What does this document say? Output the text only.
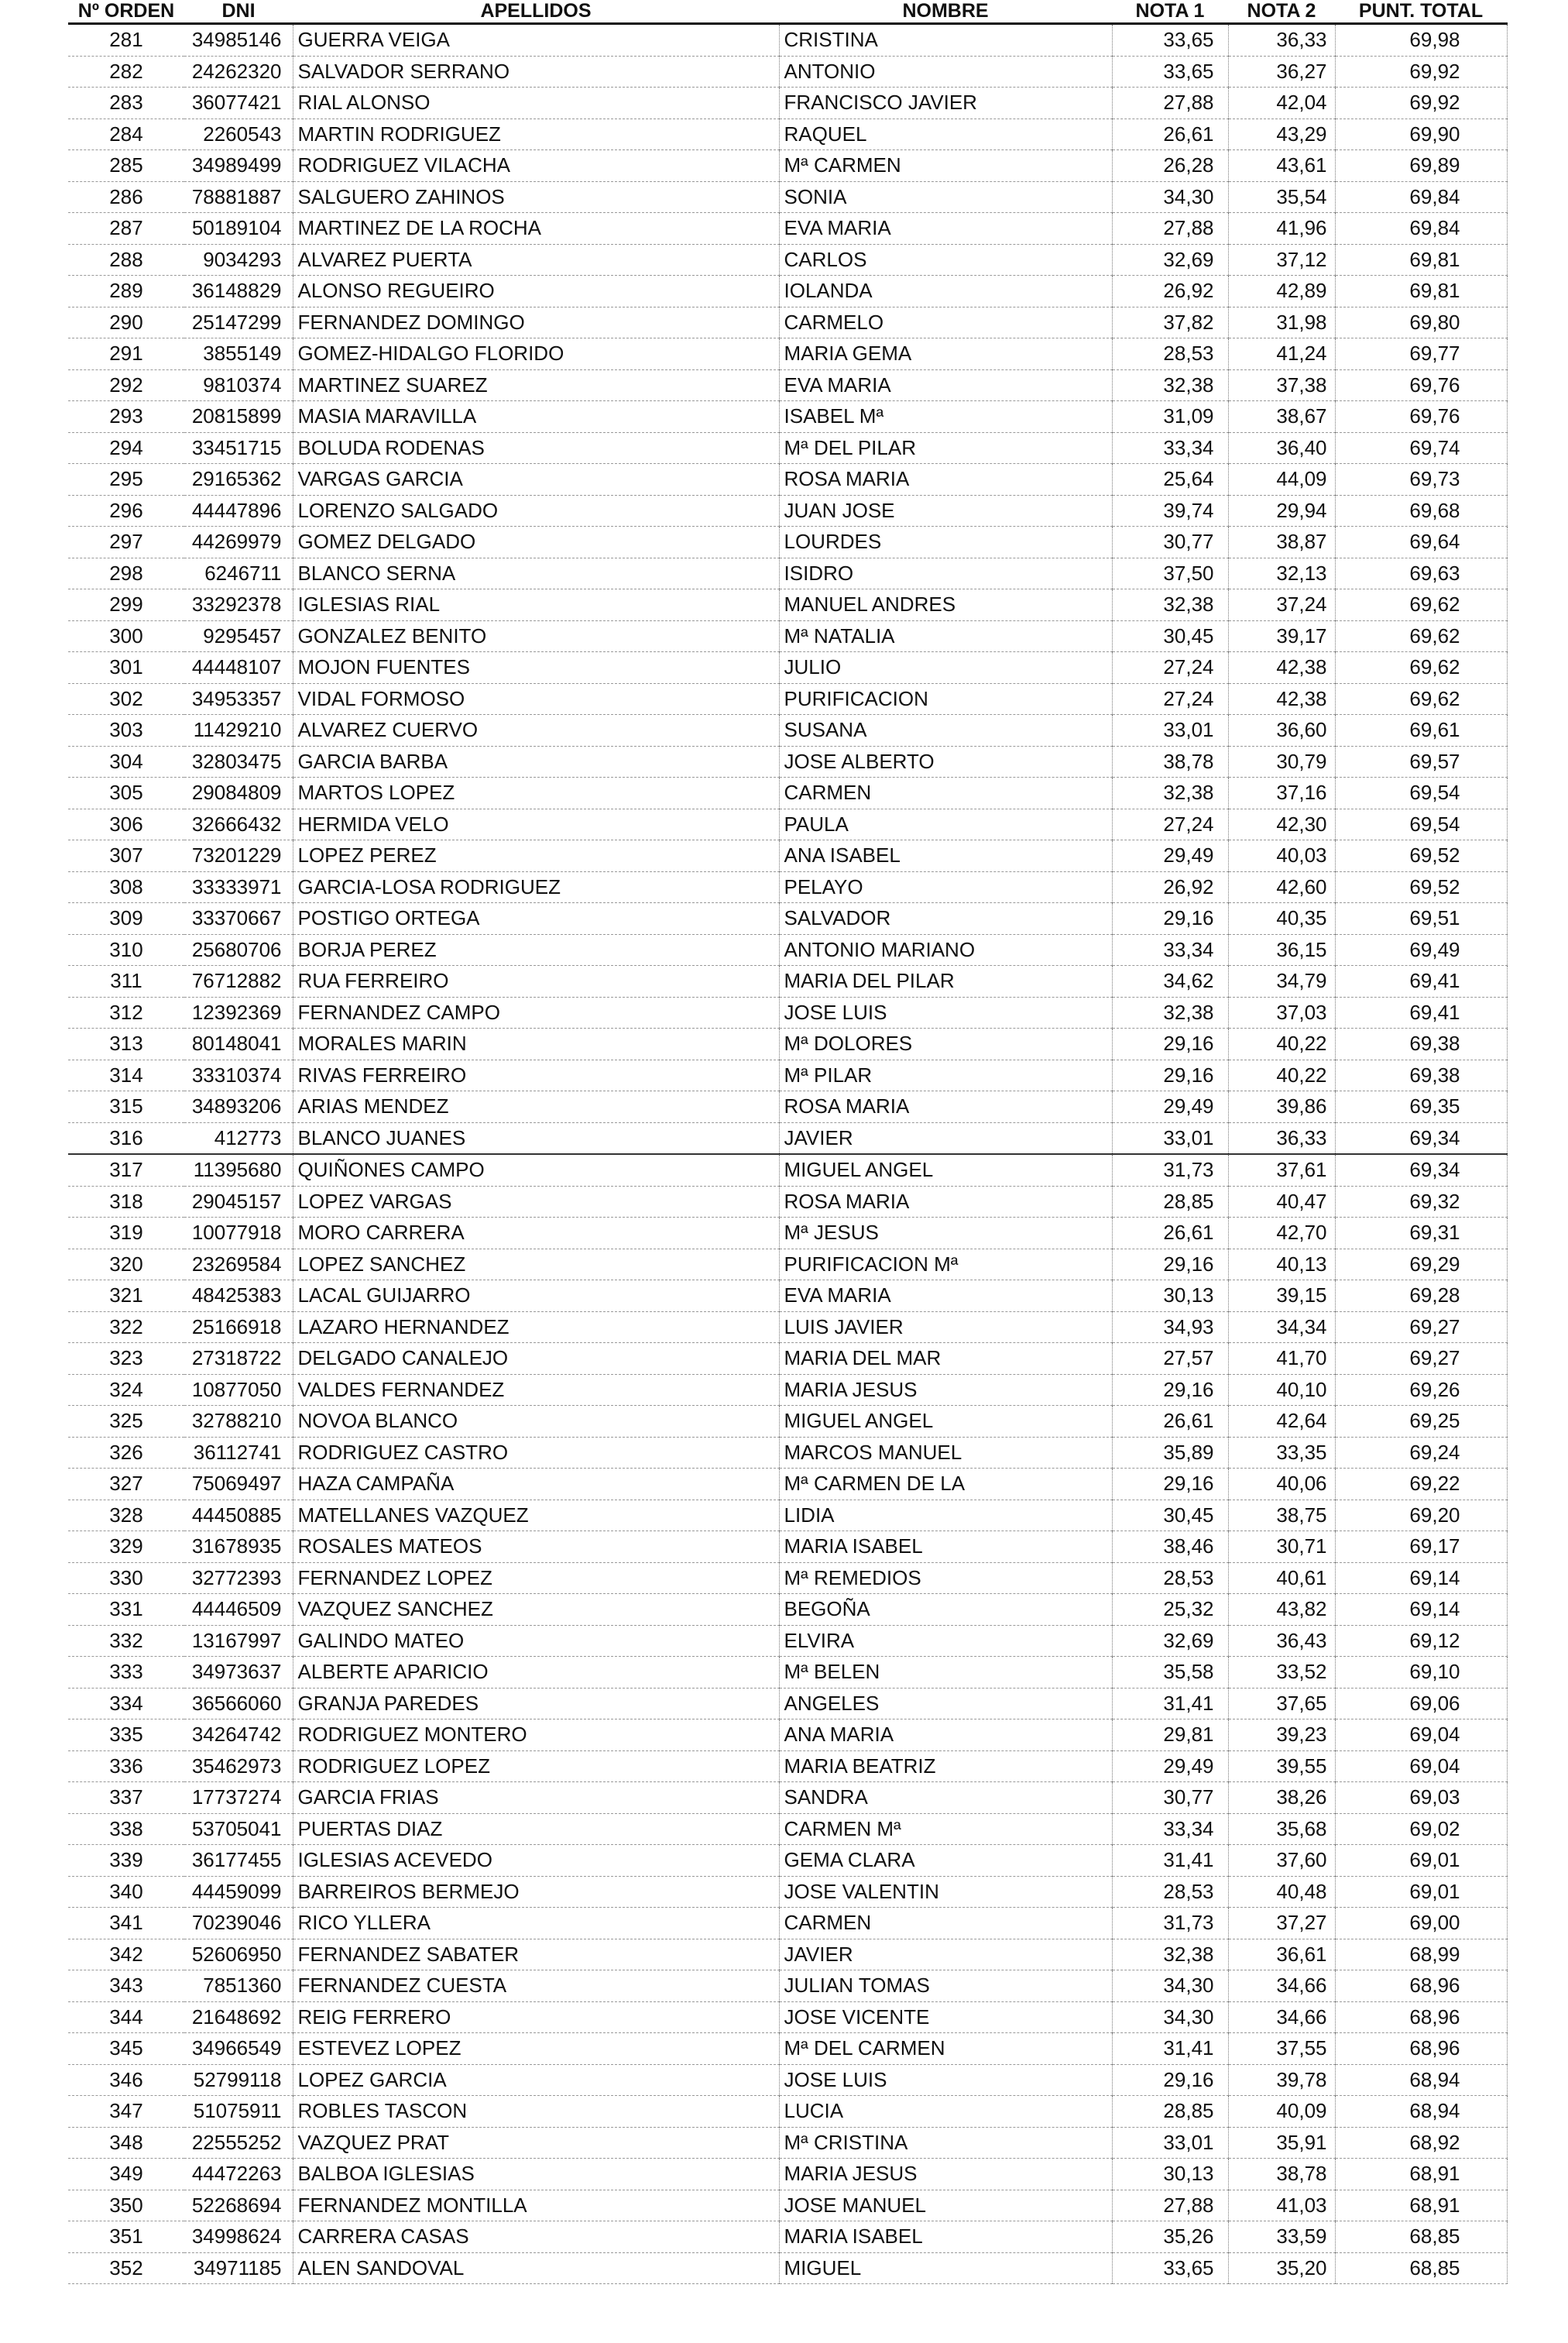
Nº ORDEN	DNI	APELLIDOS	NOMBRE	NOTA 1	NOTA 2	PUNT. TOTAL
281	34985146	GUERRA VEIGA	CRISTINA	33,65	36,33	69,98
282	24262320	SALVADOR SERRANO	ANTONIO	33,65	36,27	69,92
283	36077421	RIAL ALONSO	FRANCISCO JAVIER	27,88	42,04	69,92
284	2260543	MARTIN RODRIGUEZ	RAQUEL	26,61	43,29	69,90
285	34989499	RODRIGUEZ VILACHA	Mª CARMEN	26,28	43,61	69,89
286	78881887	SALGUERO ZAHINOS	SONIA	34,30	35,54	69,84
287	50189104	MARTINEZ DE LA ROCHA	EVA MARIA	27,88	41,96	69,84
288	9034293	ALVAREZ PUERTA	CARLOS	32,69	37,12	69,81
289	36148829	ALONSO REGUEIRO	IOLANDA	26,92	42,89	69,81
290	25147299	FERNANDEZ DOMINGO	CARMELO	37,82	31,98	69,80
291	3855149	GOMEZ-HIDALGO FLORIDO	MARIA GEMA	28,53	41,24	69,77
292	9810374	MARTINEZ SUAREZ	EVA MARIA	32,38	37,38	69,76
293	20815899	MASIA MARAVILLA	ISABEL Mª	31,09	38,67	69,76
294	33451715	BOLUDA RODENAS	Mª DEL PILAR	33,34	36,40	69,74
295	29165362	VARGAS GARCIA	ROSA MARIA	25,64	44,09	69,73
296	44447896	LORENZO SALGADO	JUAN JOSE	39,74	29,94	69,68
297	44269979	GOMEZ DELGADO	LOURDES	30,77	38,87	69,64
298	6246711	BLANCO SERNA	ISIDRO	37,50	32,13	69,63
299	33292378	IGLESIAS RIAL	MANUEL ANDRES	32,38	37,24	69,62
300	9295457	GONZALEZ BENITO	Mª NATALIA	30,45	39,17	69,62
301	44448107	MOJON FUENTES	JULIO	27,24	42,38	69,62
302	34953357	VIDAL FORMOSO	PURIFICACION	27,24	42,38	69,62
303	11429210	ALVAREZ CUERVO	SUSANA	33,01	36,60	69,61
304	32803475	GARCIA BARBA	JOSE ALBERTO	38,78	30,79	69,57
305	29084809	MARTOS LOPEZ	CARMEN	32,38	37,16	69,54
306	32666432	HERMIDA VELO	PAULA	27,24	42,30	69,54
307	73201229	LOPEZ PEREZ	ANA ISABEL	29,49	40,03	69,52
308	33333971	GARCIA-LOSA RODRIGUEZ	PELAYO	26,92	42,60	69,52
309	33370667	POSTIGO ORTEGA	SALVADOR	29,16	40,35	69,51
310	25680706	BORJA PEREZ	ANTONIO MARIANO	33,34	36,15	69,49
311	76712882	RUA FERREIRO	MARIA DEL PILAR	34,62	34,79	69,41
312	12392369	FERNANDEZ CAMPO	JOSE LUIS	32,38	37,03	69,41
313	80148041	MORALES MARIN	Mª DOLORES	29,16	40,22	69,38
314	33310374	RIVAS FERREIRO	Mª PILAR	29,16	40,22	69,38
315	34893206	ARIAS MENDEZ	ROSA MARIA	29,49	39,86	69,35
316	412773	BLANCO JUANES	JAVIER	33,01	36,33	69,34
317	11395680	QUIÑONES CAMPO	MIGUEL ANGEL	31,73	37,61	69,34
318	29045157	LOPEZ VARGAS	ROSA MARIA	28,85	40,47	69,32
319	10077918	MORO CARRERA	Mª JESUS	26,61	42,70	69,31
320	23269584	LOPEZ SANCHEZ	PURIFICACION Mª	29,16	40,13	69,29
321	48425383	LACAL GUIJARRO	EVA MARIA	30,13	39,15	69,28
322	25166918	LAZARO HERNANDEZ	LUIS JAVIER	34,93	34,34	69,27
323	27318722	DELGADO CANALEJO	MARIA DEL MAR	27,57	41,70	69,27
324	10877050	VALDES FERNANDEZ	MARIA JESUS	29,16	40,10	69,26
325	32788210	NOVOA BLANCO	MIGUEL ANGEL	26,61	42,64	69,25
326	36112741	RODRIGUEZ CASTRO	MARCOS MANUEL	35,89	33,35	69,24
327	75069497	HAZA CAMPAÑA	Mª CARMEN DE LA	29,16	40,06	69,22
328	44450885	MATELLANES VAZQUEZ	LIDIA	30,45	38,75	69,20
329	31678935	ROSALES MATEOS	MARIA ISABEL	38,46	30,71	69,17
330	32772393	FERNANDEZ LOPEZ	Mª REMEDIOS	28,53	40,61	69,14
331	44446509	VAZQUEZ SANCHEZ	BEGOÑA	25,32	43,82	69,14
332	13167997	GALINDO MATEO	ELVIRA	32,69	36,43	69,12
333	34973637	ALBERTE APARICIO	Mª BELEN	35,58	33,52	69,10
334	36566060	GRANJA PAREDES	ANGELES	31,41	37,65	69,06
335	34264742	RODRIGUEZ MONTERO	ANA MARIA	29,81	39,23	69,04
336	35462973	RODRIGUEZ LOPEZ	MARIA BEATRIZ	29,49	39,55	69,04
337	17737274	GARCIA FRIAS	SANDRA	30,77	38,26	69,03
338	53705041	PUERTAS DIAZ	CARMEN Mª	33,34	35,68	69,02
339	36177455	IGLESIAS ACEVEDO	GEMA CLARA	31,41	37,60	69,01
340	44459099	BARREIROS BERMEJO	JOSE VALENTIN	28,53	40,48	69,01
341	70239046	RICO YLLERA	CARMEN	31,73	37,27	69,00
342	52606950	FERNANDEZ SABATER	JAVIER	32,38	36,61	68,99
343	7851360	FERNANDEZ CUESTA	JULIAN TOMAS	34,30	34,66	68,96
344	21648692	REIG FERRERO	JOSE VICENTE	34,30	34,66	68,96
345	34966549	ESTEVEZ LOPEZ	Mª DEL CARMEN	31,41	37,55	68,96
346	52799118	LOPEZ GARCIA	JOSE LUIS	29,16	39,78	68,94
347	51075911	ROBLES TASCON	LUCIA	28,85	40,09	68,94
348	22555252	VAZQUEZ PRAT	Mª CRISTINA	33,01	35,91	68,92
349	44472263	BALBOA IGLESIAS	MARIA JESUS	30,13	38,78	68,91
350	52268694	FERNANDEZ MONTILLA	JOSE MANUEL	27,88	41,03	68,91
351	34998624	CARRERA CASAS	MARIA ISABEL	35,26	33,59	68,85
352	34971185	ALEN SANDOVAL	MIGUEL	33,65	35,20	68,85
